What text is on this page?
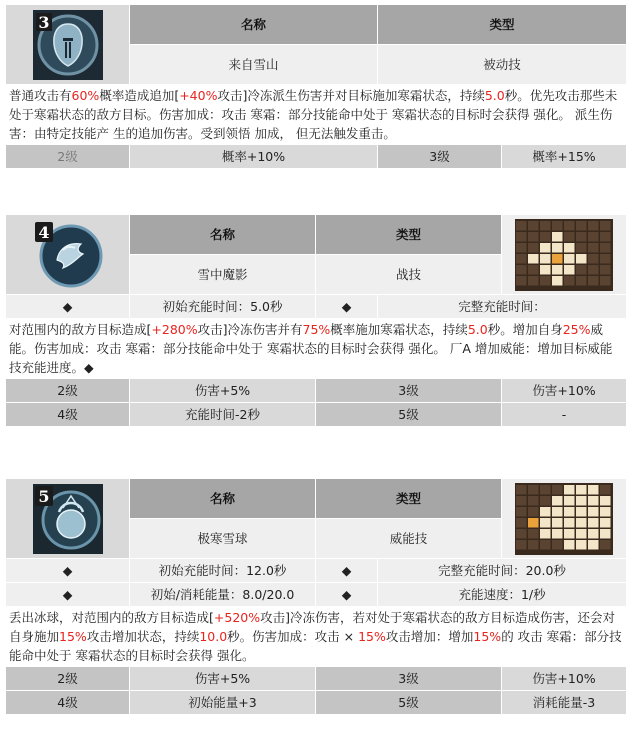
3	名称	类型	
	来自雪山	被动技	
普通攻击有60%概率造成追加[+40%攻击]冷冻派生伤害并对目标施加寒霜状态，持续5.0秒。优先攻击那些未处于寒霜状态的敌方目标。伤害加成：攻击 寒霜：部分技能命中处于 寒霜状态的目标时会获得 强化。 派生伤害：由特定技能产 生的追加伤害。受到领悟 加成， 但无法触发重击。			
2级	概率+10%	3级	概率+15%
4	名称	类型	

	雪中魔影	战技		
◆	初始充能时间：5.0秒	◆	完整充能时间：	
对范围内的敌方目标造成[+280%攻击]冷冻伤害并有75%概率施加寒霜状态，持续5.0秒。增加自身25%威能。伤害加成：攻击 寒霜：部分技能命中处于 寒霜状态的目标时会获得 强化。 厂A 增加威能：增加目标威能 技充能进度。◆				
2级	伤害+5%	3级		伤害+10%
4级	充能时间-2秒	5级		-
5	名称	类型	

	极寒雪球	威能技		
◆	初始充能时间：12.0秒	◆	完整充能时间：20.0秒	
◆	初始/消耗能量：8.0/20.0	◆	充能速度：1/秒	
丢出冰球，对范围内的敌方目标造成[+520%攻击]冷冻伤害，若对处于寒霜状态的敌方目标造成伤害，还会对自身施加15%攻击增加状态，持续10.0秒。伤害加成：攻击 × 15%攻击增加：增加15%的 攻击 寒霜：部分技能命中处于 寒霜状态的目标时会获得 强化。				
2级	伤害+5%	3级		伤害+10%
4级	初始能量+3	5级		消耗能量-3
